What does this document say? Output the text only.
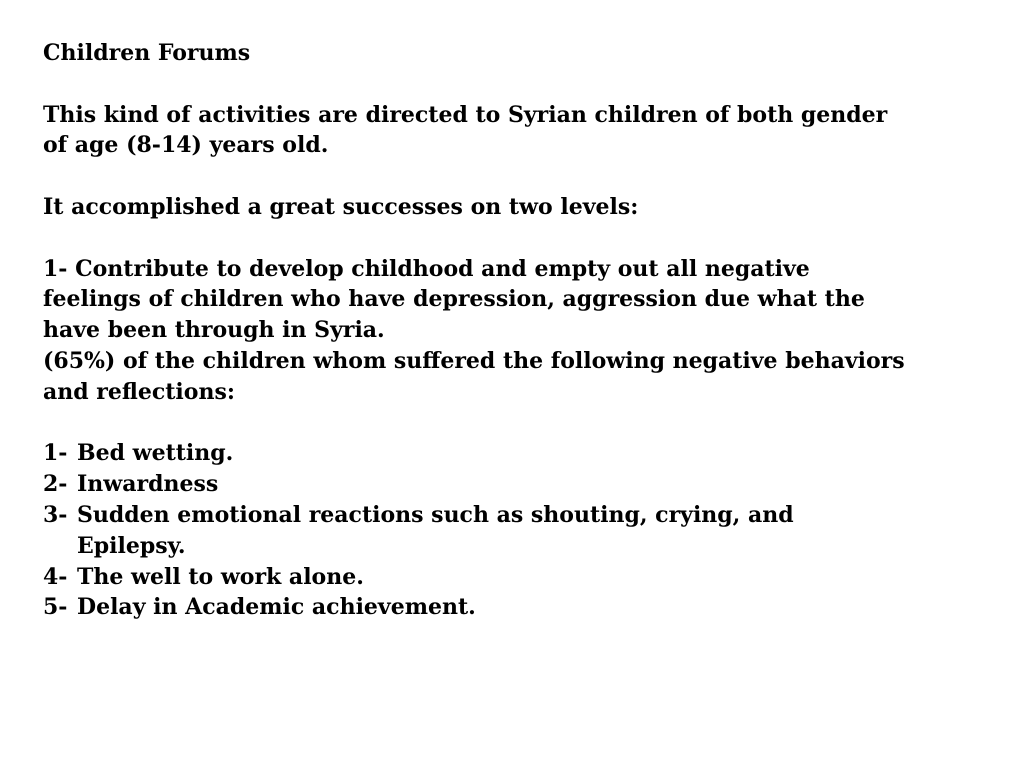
Children Forums

This kind of activities are directed to Syrian children of both gender

of age (8-14) years old.

It accomplished a great successes on two levels:

1- Contribute to develop childhood and empty out all negative

feelings of children who have depression, aggression due what the

have been through in Syria.

(65%) of the children whom suffered the following negative behaviors

and reflections:

1- Bed wetting.

2- Inwardness

3- Sudden emotional reactions such as shouting, crying, and

Epilepsy.

4- The well to work alone.

5- Delay in Academic achievement.
